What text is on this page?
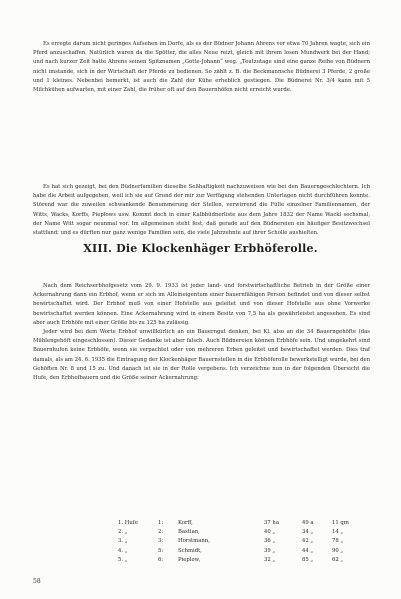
Es erregte darum nicht geringes Aufsehen im Dorfe, als es der Büdner Johann Ahrens vor etwa 70 Jahren wagte, sich ein Pferd anzuschaffen. Natürlich waren da die Spötter, die alles Neue reizt, gleich mit ihrem losen Mundwerk bei der Hand; und nach kurzer Zeit hatte Ahrens seinen Spitznamen „Gotte-Johann“ weg. „Teutzutage sind eine ganze Reihe von Büdnern nicht imstande, sich in der Wirtschaft der Pferde zu bedienen. So zählt z. B. die Beckmannsche Büdnerei 3 Pferde, 2 große und 1 kleines. Nebenbei bemerkt, ist auch die Zahl der Kühe erheblich gestiegen. Die Büdnerei Nr. 3/4 kann mit 5 Milchkühen aufwarten, mit einer Zahl, die früher oft auf den Bauernhöfen nicht erreicht wurde.

Es hat sich gezeigt, bei den Büdnerfamilien dieselbe Seßhaftigkeit nachzuweisen wie bei den Bauerngeschlechtern. Ich habe die Arbeit aufgegeben, weil ich sie auf Grund der mir zur Verfügung stehenden Unterlagen nicht durchführen konnte. Störend war die zuweilen schwankende Benummerung der Stellen, verwirrend die Fülle einzelner Familiennamen, der Witts, Wacks, Korffs, Pieplows usw. Kommt doch in einer Kalbbüdnerliste aus dem Jahre 1832 der Name Wackl sechsmal, der Name Witt sogar neunmal vor. Im allgemeinen steht fest, daß gerade auf den Büdnereien ein häufiger Besitzwechsel stattfand; und es dürften nur ganz wenige Familien sein, die viele Jahrzehnte auf ihrer Scholle aushielten.

XIII. Die Klockenhäger Erbhöferolle.

Nach dem Reichserbhofgesetz vom 29. 9. 1933 ist jeder land- und forstwirtschaftliche Betrieb in der Größe einer Ackernahrung dann ein Erbhof, wenn er sich im Alleineigentum einer bauernfähigen Person befindet und von dieser selbst bewirtschaftet wird. Der Erbhof muß von einer Hofstelle aus geleitet und von dieser Hofstelle aus ohne Vorwerke bewirtschaftet werden können. Eine Ackernahrung wird in einem Besitz von 7,5 ha als gewährleistet angesehen. Es sind aber auch Erbhöfe mit einer Größe bis zu 125 ha zulässig.

Jeder wird bei dem Worte Erbhof unwillkürlich an ein Bauerngut denken, bei Kl. also an die 34 Bauerngehöfte (das Mühlengehöft eingeschlossen). Dieser Gedanke ist aber falsch. Auch Büdnereien können Erbhöfe sein. Und umgekehrt sind Bauernhufen keine Erbhöfe, wenn sie verpachtet oder von mehreren Erben geleitet und bewirtschaftet werden. Dies traf damals, als am 24. 6. 1935 die Eintragung der Klockenhäger Bauernstellen in die Erbhöferolle bewerkstelligt wurde, bei den Gehöften Nr. 8 und 15 zu. Und danach ist sie in der Rolle vergebens. Ich verzeichne nun in der folgenden Übersicht die Hufe, den Erbhofbauern und die Größe seiner Ackernahrung:

1. Hufe	1:	Korff,	37 ha	49 a	11 qm
2. „	2:	Bastian,	40 „	34 „	14 „
3. „	3:	Horstmann,	36 „	42 „	78 „
4. „	5:	Schmidt,	39 „	44 „	90 „
5. „	6:	Pieplow,	32 „	85 „	62 „
58
